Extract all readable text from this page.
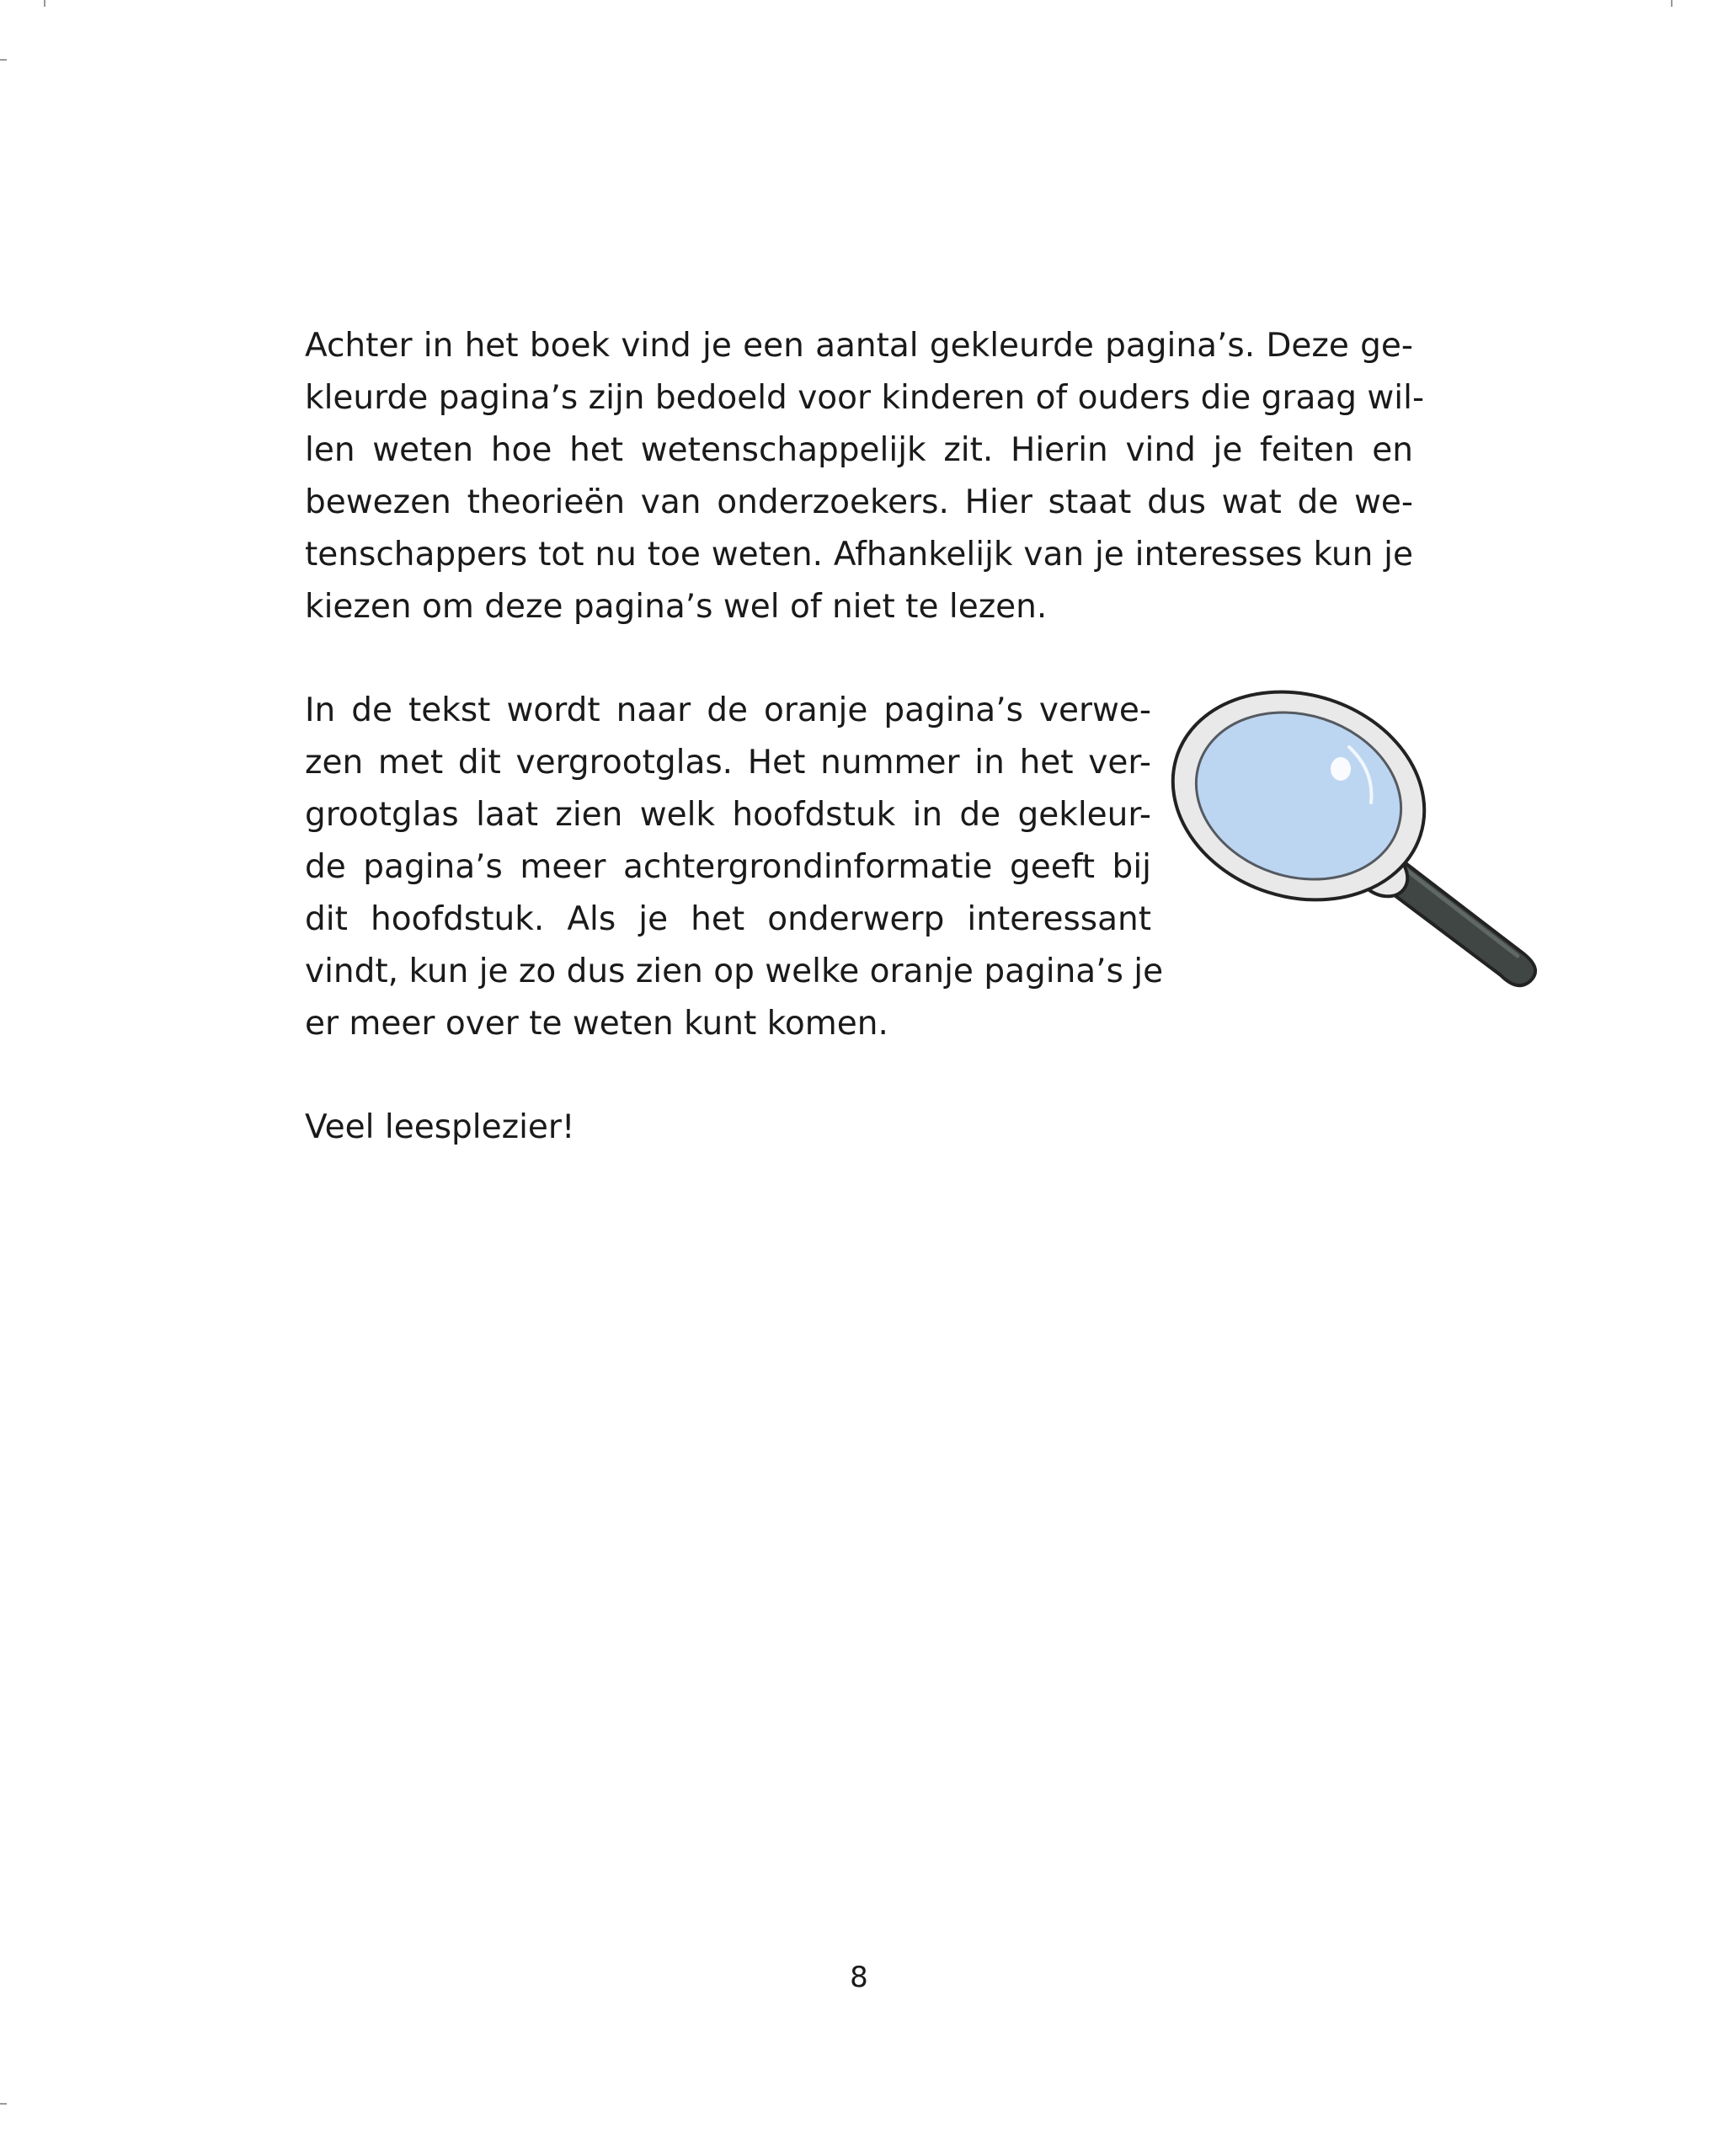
Achter in het boek vind je een aantal gekleurde pagina’s. Deze ge-
kleurde pagina’s zijn bedoeld voor kinderen of ouders die graag wil-
len weten hoe het wetenschappelijk zit. Hierin vind je feiten en
bewezen theorieën van onderzoekers. Hier staat dus wat de we-
tenschappers tot nu toe weten. Afhankelijk van je interesses kun je
kiezen om deze pagina’s wel of niet te lezen.

In de tekst wordt naar de oranje pagina’s verwe-
zen met dit vergrootglas. Het nummer in het ver-
grootglas laat zien welk hoofdstuk in de gekleur-
de pagina’s meer achtergrondinformatie geeft bij
dit hoofdstuk. Als je het onderwerp interessant
vindt, kun je zo dus zien op welke oranje pagina’s je
er meer over te weten kunt komen.

Veel leesplezier!

8
